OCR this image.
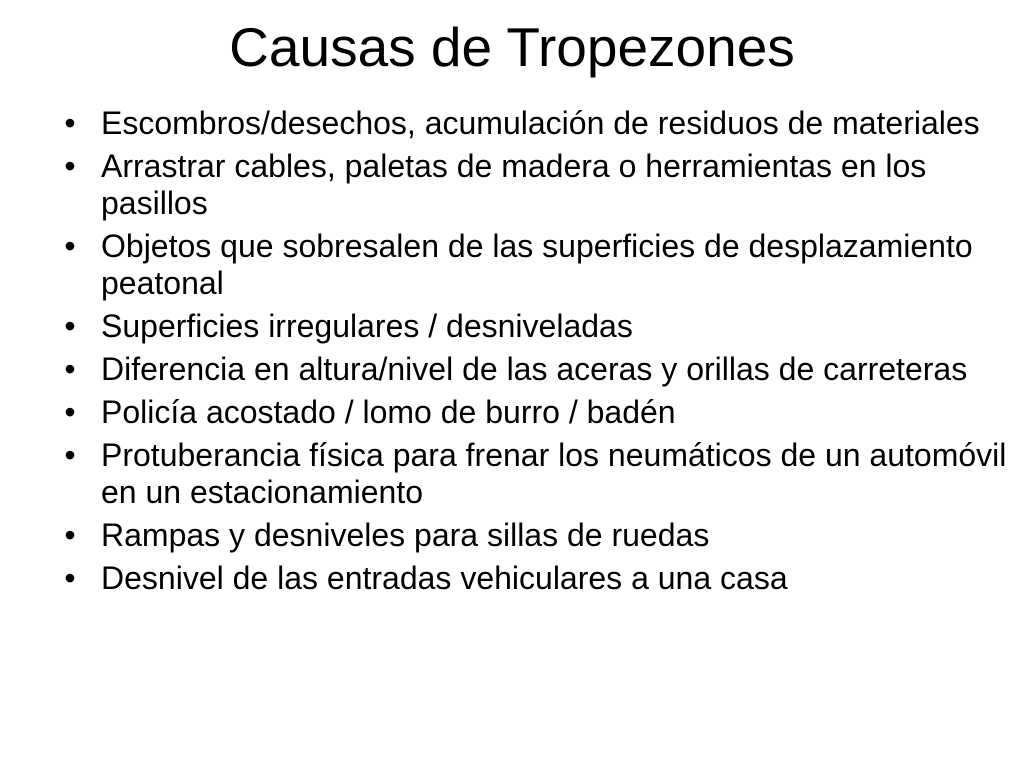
Causas de Tropezones
• Escombros/desechos, acumulación de residuos de materiales
• Arrastrar cables, paletas de madera o herramientas en los pasillos
• Objetos que sobresalen de las superficies de desplazamiento peatonal
• Superficies irregulares / desniveladas
• Diferencia en altura/nivel de las aceras y orillas de carreteras
• Policía acostado / lomo de burro / badén
• Protuberancia física para frenar los neumáticos de un automóvil en un estacionamiento
• Rampas y desniveles para sillas de ruedas
• Desnivel de las entradas vehiculares a una casa
